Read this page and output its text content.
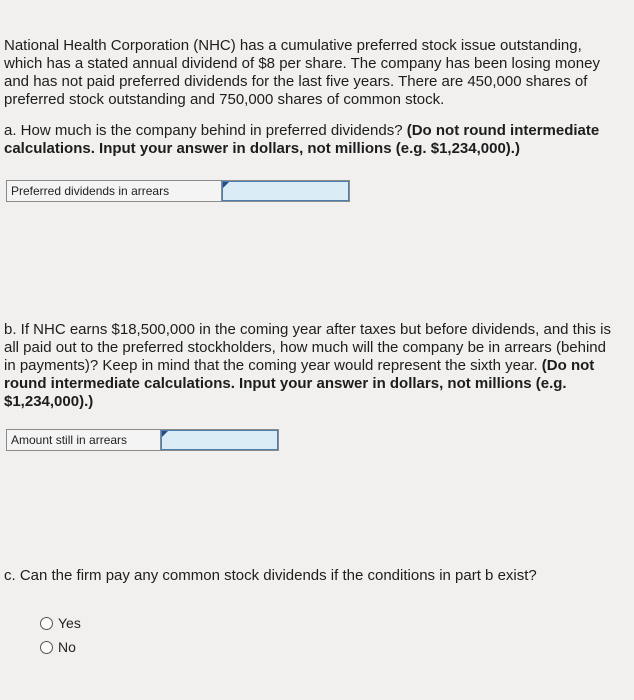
National Health Corporation (NHC) has a cumulative preferred stock issue outstanding,
which has a stated annual dividend of $8 per share. The company has been losing money
and has not paid preferred dividends for the last five years. There are 450,000 shares of
preferred stock outstanding and 750,000 shares of common stock.
a. How much is the company behind in preferred dividends? (Do not round intermediate
calculations. Input your answer in dollars, not millions (e.g. $1,234,000).)
Preferred dividends in arrears
b. If NHC earns $18,500,000 in the coming year after taxes but before dividends, and this is
all paid out to the preferred stockholders, how much will the company be in arrears (behind
in payments)? Keep in mind that the coming year would represent the sixth year. (Do not
round intermediate calculations. Input your answer in dollars, not millions (e.g.
$1,234,000).)
Amount still in arrears
c. Can the firm pay any common stock dividends if the conditions in part b exist?
Yes
No
